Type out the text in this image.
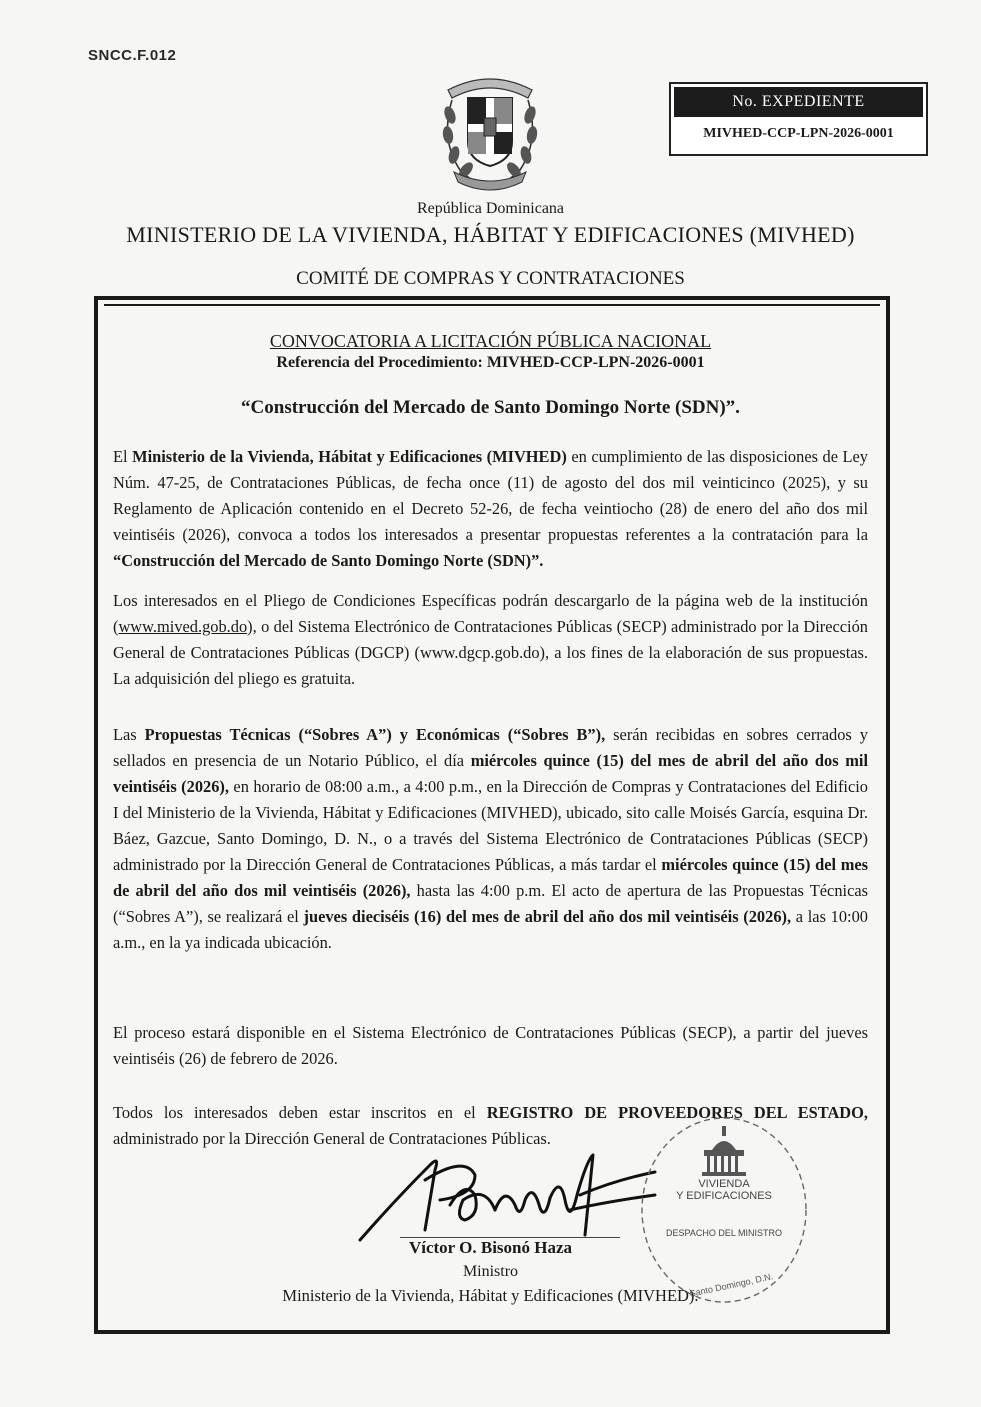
SNCC.F.012
No. EXPEDIENTE
MIVHED-CCP-LPN-2026-0001
República Dominicana
MINISTERIO DE LA VIVIENDA, HÁBITAT Y EDIFICACIONES (MIVHED)
COMITÉ DE COMPRAS Y CONTRATACIONES
CONVOCATORIA A LICITACIÓN PÚBLICA NACIONAL
Referencia del Procedimiento: MIVHED-CCP-LPN-2026-0001
“Construcción del Mercado de Santo Domingo Norte (SDN)”.
El Ministerio de la Vivienda, Hábitat y Edificaciones (MIVHED) en cumplimiento de las disposiciones de Ley Núm. 47-25, de Contrataciones Públicas, de fecha once (11) de agosto del dos mil veinticinco (2025), y su Reglamento de Aplicación contenido en el Decreto 52-26, de fecha veintiocho (28) de enero del año dos mil veintiséis (2026), convoca a todos los interesados a presentar propuestas referentes a la contratación para la “Construcción del Mercado de Santo Domingo Norte (SDN)”.
Los interesados en el Pliego de Condiciones Específicas podrán descargarlo de la página web de la institución (www.mived.gob.do), o del Sistema Electrónico de Contrataciones Públicas (SECP) administrado por la Dirección General de Contrataciones Públicas (DGCP) (www.dgcp.gob.do), a los fines de la elaboración de sus propuestas. La adquisición del pliego es gratuita.
Las Propuestas Técnicas (“Sobres A”) y Económicas (“Sobres B”), serán recibidas en sobres cerrados y sellados en presencia de un Notario Público, el día miércoles quince (15) del mes de abril del año dos mil veintiséis (2026), en horario de 08:00 a.m., a 4:00 p.m., en la Dirección de Compras y Contrataciones del Edificio I del Ministerio de la Vivienda, Hábitat y Edificaciones (MIVHED), ubicado, sito calle Moisés García, esquina Dr. Báez, Gazcue, Santo Domingo, D. N., o a través del Sistema Electrónico de Contrataciones Públicas (SECP) administrado por la Dirección General de Contrataciones Públicas, a más tardar el miércoles quince (15) del mes de abril del año dos mil veintiséis (2026), hasta las 4:00 p.m. El acto de apertura de las Propuestas Técnicas (“Sobres A”), se realizará el jueves dieciséis (16) del mes de abril del año dos mil veintiséis (2026), a las 10:00 a.m., en la ya indicada ubicación.
El proceso estará disponible en el Sistema Electrónico de Contrataciones Públicas (SECP), a partir del jueves veintiséis (26) de febrero de 2026.
Todos los interesados deben estar inscritos en el REGISTRO DE PROVEEDORES DEL ESTADO, administrado por la Dirección General de Contrataciones Públicas.
Víctor O. Bisonó Haza
Ministro
Ministerio de la Vivienda, Hábitat y Edificaciones (MIVHED).
VIVIENDA
Y EDIFICACIONES
DESPACHO DEL MINISTRO
Santo Domingo, D.N.
